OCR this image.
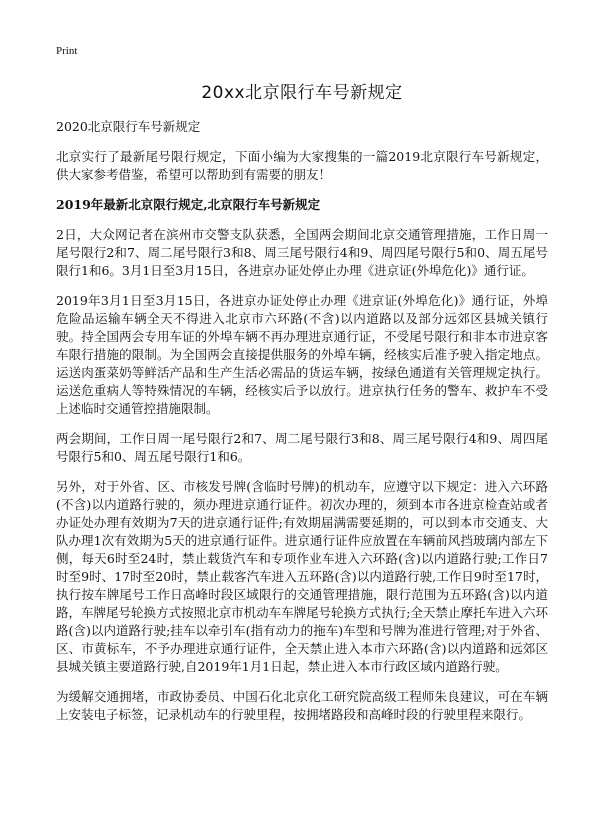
Print
20xx北京限行车号新规定
2020北京限行车号新规定

北京实行了最新尾号限行规定，下面小编为大家搜集的一篇2019北京限行车号新规定，供大家参考借鉴，希望可以帮助到有需要的朋友！

2019年最新北京限行规定,北京限行车号新规定

2日，大众网记者在滨州市交警支队获悉，全国两会期间北京交通管理措施，工作日周一尾号限行2和7、周二尾号限行3和8、周三尾号限行4和9、周四尾号限行5和0、周五尾号限行1和6。3月1日至3月15日，各进京办证处停止办理《进京证(外埠危化)》通行证。

2019年3月1日至3月15日，各进京办证处停止办理《进京证(外埠危化)》通行证，外埠危险品运输车辆全天不得进入北京市六环路(不含)以内道路以及部分远郊区县城关镇行驶。持全国两会专用车证的外埠车辆不再办理进京通行证，不受尾号限行和非本市进京客车限行措施的限制。为全国两会直接提供服务的外埠车辆，经核实后准予驶入指定地点。运送肉蛋菜奶等鲜活产品和生产生活必需品的货运车辆，按绿色通道有关管理规定执行。运送危重病人等特殊情况的车辆，经核实后予以放行。进京执行任务的警车、救护车不受上述临时交通管控措施限制。

两会期间，工作日周一尾号限行2和7、周二尾号限行3和8、周三尾号限行4和9、周四尾号限行5和0、周五尾号限行1和6。

另外，对于外省、区、市核发号牌(含临时号牌)的机动车，应遵守以下规定：进入六环路(不含)以内道路行驶的，须办理进京通行证件。初次办理的，须到本市各进京检查站或者办证处办理有效期为7天的进京通行证件;有效期届满需要延期的，可以到本市交通支、大队办理1次有效期为5天的进京通行证件。进京通行证件应放置在车辆前风挡玻璃内部左下侧，每天6时至24时，禁止载货汽车和专项作业车进入六环路(含)以内道路行驶;工作日7时至9时、17时至20时，禁止载客汽车进入五环路(含)以内道路行驶,工作日9时至17时，执行按车牌尾号工作日高峰时段区域限行的交通管理措施，限行范围为五环路(含)以内道路，车牌尾号轮换方式按照北京市机动车车牌尾号轮换方式执行;全天禁止摩托车进入六环路(含)以内道路行驶;挂车以牵引车(指有动力的拖车)车型和号牌为准进行管理;对于外省、区、市黄标车，不予办理进京通行证件，全天禁止进入本市六环路(含)以内道路和远郊区县城关镇主要道路行驶,自2019年1月1日起，禁止进入本市行政区域内道路行驶。

为缓解交通拥堵，市政协委员、中国石化北京化工研究院高级工程师朱良建议，可在车辆上安装电子标签，记录机动车的行驶里程，按拥堵路段和高峰时段的行驶里程来限行。
